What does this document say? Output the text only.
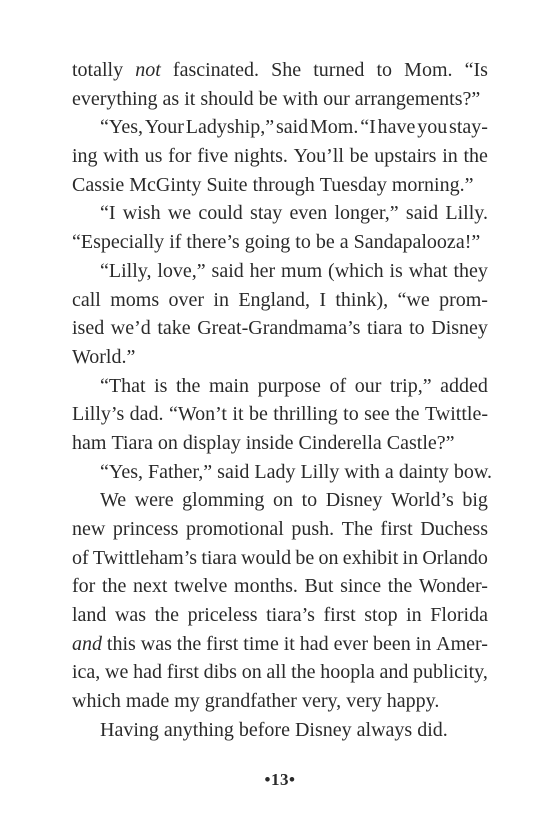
totally not fascinated. She turned to Mom. “Is
everything as it should be with our arrangements?”
“Yes, Your Ladyship,” said Mom. “I have you stay-
ing with us for five nights. You’ll be upstairs in the
Cassie McGinty Suite through Tuesday morning.”
“I wish we could stay even longer,” said Lilly.
“Especially if there’s going to be a Sandapalooza!”
“Lilly, love,” said her mum (which is what they
call moms over in England, I think), “we prom-
ised we’d take Great-Grandmama’s tiara to Disney
World.”
“That is the main purpose of our trip,” added
Lilly’s dad. “Won’t it be thrilling to see the Twittle-
ham Tiara on display inside Cinderella Castle?”
“Yes, Father,” said Lady Lilly with a dainty bow.
We were glomming on to Disney World’s big
new princess promotional push. The first Duchess
of Twittleham’s tiara would be on exhibit in Orlando
for the next twelve months. But since the Wonder-
land was the priceless tiara’s first stop in Florida
and this was the first time it had ever been in Amer-
ica, we had first dibs on all the hoopla and publicity,
which made my grandfather very, very happy.
Having anything before Disney always did.
•13•
